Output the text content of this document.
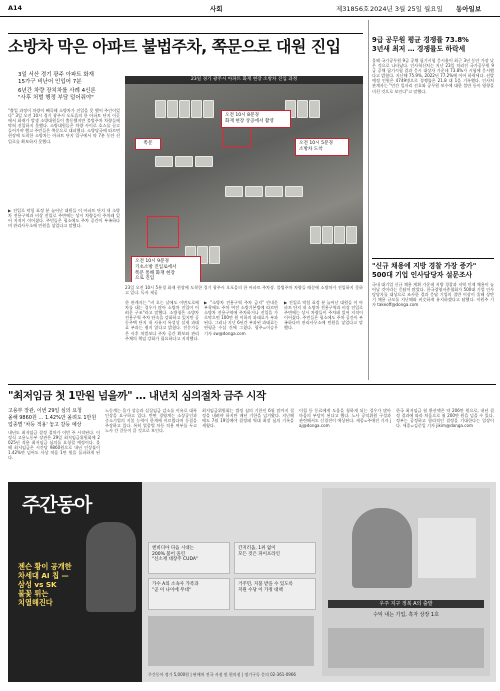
A14	사회	제31856호 2024년 3월 25일 월요일 동아일보
소방차 막은 아파트 불법주차, 쪽문으로 대원 진입
3일 서산 경기 광주 아파트 화재
15가구 비난어 인입어 7분
6년간 차량 장치차를 사례 4신론
"사후 처벌 행정 부담 덜어줘야"
"출입 과정이 차량이 빼곡해 소방차가 진입을 못 했어 주인이었다" 3일 오전 10시 경기 광주시 오포읍의 한 아파트 단지 이곳에서 화재가 발생 소방대원들이 출동했지만 불법주차 차량들에 막혀 진입하지 못했다. 소방대원들은 차량 사이로 호스를 끌고 들어가야 했고 주민들은 쪽문으로 대피했다. 소방당국에 따르면 현장에 도착한 소방차는 아파트 단지 입구에서 약 7분 동안 진입로를 확보하지 못했다.
▶ 진입로 막힘 표정 분 늘어난 대원들 이 아파트 단지 내 소방차 전용구역과 비상 진입로 주변에는 상시 차량들이 주차돼 있어 지적이 이어졌다. 주민들은 평소에도 주차 공간이 부족하다며 관리사무소에 민원을 넣었다고 말했다.
23일 경기 광주시 아파트 화재 현장 소방차 진입 과정
오전 10시 8분경
화재 현장 상공에서 촬영
오전 10시 9분경
기초소방 진입로에서
쪽문 통해 화재 현장
으로 진입
오전 10시 5분경
소방차 도착
쪽문
23일 오전 10시 5분경 화재 현장에 도착한 경기 광주시 오포읍의 한 아파트 주차장. 불법주차 차량들 때문에 소방차가 진입하지 못하고 있다. 독자 제공
한 관계자는 "비 오는 날에도 이면도로에 차를 대는 경우가 많아 소방차 진입이 어려운 구조"라고 말했다. 소방청은 소방차 전용구역 주차 단속을 강화하고 있지만 공동주택 단지 내 사유지 특성상 실제 과태료 부과는 쉽지 않다고 밝혔다. 전문가들은 사후 처벌보다 주차 공간 확보와 관리 주체의 책임 강화가 필요하다고 지적했다.
▶ "소방차 전용구역 주차 금지" 안내문 부착에도 주차 여전 소방기본법에 따르면 소방차 전용구역에 주차하거나 진입을 가로막으면 100만 원 이하의 과태료가 부과된다. 그러나 지난 6년간 부과된 과태료는 연평균 수십 건에 그쳤다. 광주=이승우 기자 sw@donga.com
▶ 진입로 막힘 표정 분 늘어난 대원들 이 아파트 단지 내 소방차 전용구역과 비상 진입로 주변에는 상시 차량들이 주차돼 있어 지적이 이어졌다. 주민들은 평소에도 주차 공간이 부족하다며 관리사무소에 민원을 넣었다고 말했다.
9급 공무원 평균 경쟁률 73.8%
3년새 최저 … 경쟁률도 하락세
올해 국가공무원 9급 공채 필기시험 응시율이 최근 3년 동안 가장 낮은 것으로 나타났다. 인사혁신처는 지난 23일 치러진 국가공무원 9급 공채 필기시험 결과 응시 대상자 가운데 73.8%가 시험에 응시했다고 밝혔다. 지난해 75.9%, 2022년 77.2%에 이어 하락세다. 선발 예정 인원은 4749명으로 경쟁률은 21.8 대 1을 기록했다. 인사처 관계자는 "민간 일자리 선호와 공무원 보수에 대한 불만 등이 영향을 미친 것으로 보인다"고 말했다.
"신규 채용에 지방 경찰 가장 증가"
500대 기업 인사담당자 설문조사
국내 대기업 신규 채용 계획 가운데 지방 경찰과 지역 인재 채용이 늘어날 것이라는 응답이 많았다. 한국경영자총협회가 500대 기업 인사담당자를 대상으로 조사한 결과 응답 기업의 절반 이상이 올해 상반기 채용 규모를 지난해와 비슷하게 유지하겠다고 답했다. 이원주 기자 takeoff@donga.com
"최저임금 첫 1만원 넘을까" … 내년치 심의절차 금주 시작
고용부 장관, 이번 29일 심의 요청
올해 9860원 … 1.42%만 올려도 1만원
업종별 '차등 적용' 놓고 갈등 예상
내년도 최저임금 결정 절차가 이번 주 시작된다. 이정식 고용노동부 장관은 29일 최저임금위원회에 2025년 적용 최저임금 심의를 요청할 예정이다. 올해 최저임금은 시간당 9860원으로 내년 인상률이 1.42%만 넘어도 사상 처음 1만 원을 돌파하게 된다.
노동계는 물가 상승과 실질임금 감소를 이유로 대폭 인상을 요구하고 있다. 반면 경영계는 소상공인과 중소기업의 지불 능력이 한계에 이르렀다며 동결을 주장하고 있다. 특히 업종별 차등 적용 여부를 두고 노사 간 갈등이 클 것으로 보인다.
최저임금위원회는 법정 심의 기한인 6월 말까지 결정을 내려야 하지만 매년 기한을 넘겨왔다. 지난해에도 7월 19일에야 결정돼 역대 최장 심의 기록을 세웠다.
이철 등 동료에게 도움을 청하게 되는 경우가 많아 마음의 부담이 된다고 했다. 노사 공익위원 구성과 관련해서도 신경전이 예상된다. 세종=주애진 기자 jaj@donga.com
한국 최저임금 월 환산액은 약 206만 원으로, 내년 결정 결과에 따라 처음으로 월 200만 원을 넘을 수 있다. 정부는 공정하고 합리적인 결정을 기대한다는 입장이다. 세종=김준일 기자 jikim@donga.com
주간동아
젠슨 황이 공개한
차세대 AI 칩 —
삼성 vs SK
불꽃 튀는
치열해진다
엔비디아 다음 시대는
200% 불어 올린
"신소재 대장주 CUDA"
간지러움, 1위 없이
모든 것은 파이프라인
가수 A의 소속사 가족과
"곧 이 나이에 무대"
거주민, 지불 받을 수 있도록
지원 수당 이 가정 대책
우주 지구 정복 A의 출발
수익 내는 기업, 흑자 상장 1호
주간동아 정가 5,000원 | 판매처 전국 서점 및 편의점 | 정기구독 문의 02-361-0966
